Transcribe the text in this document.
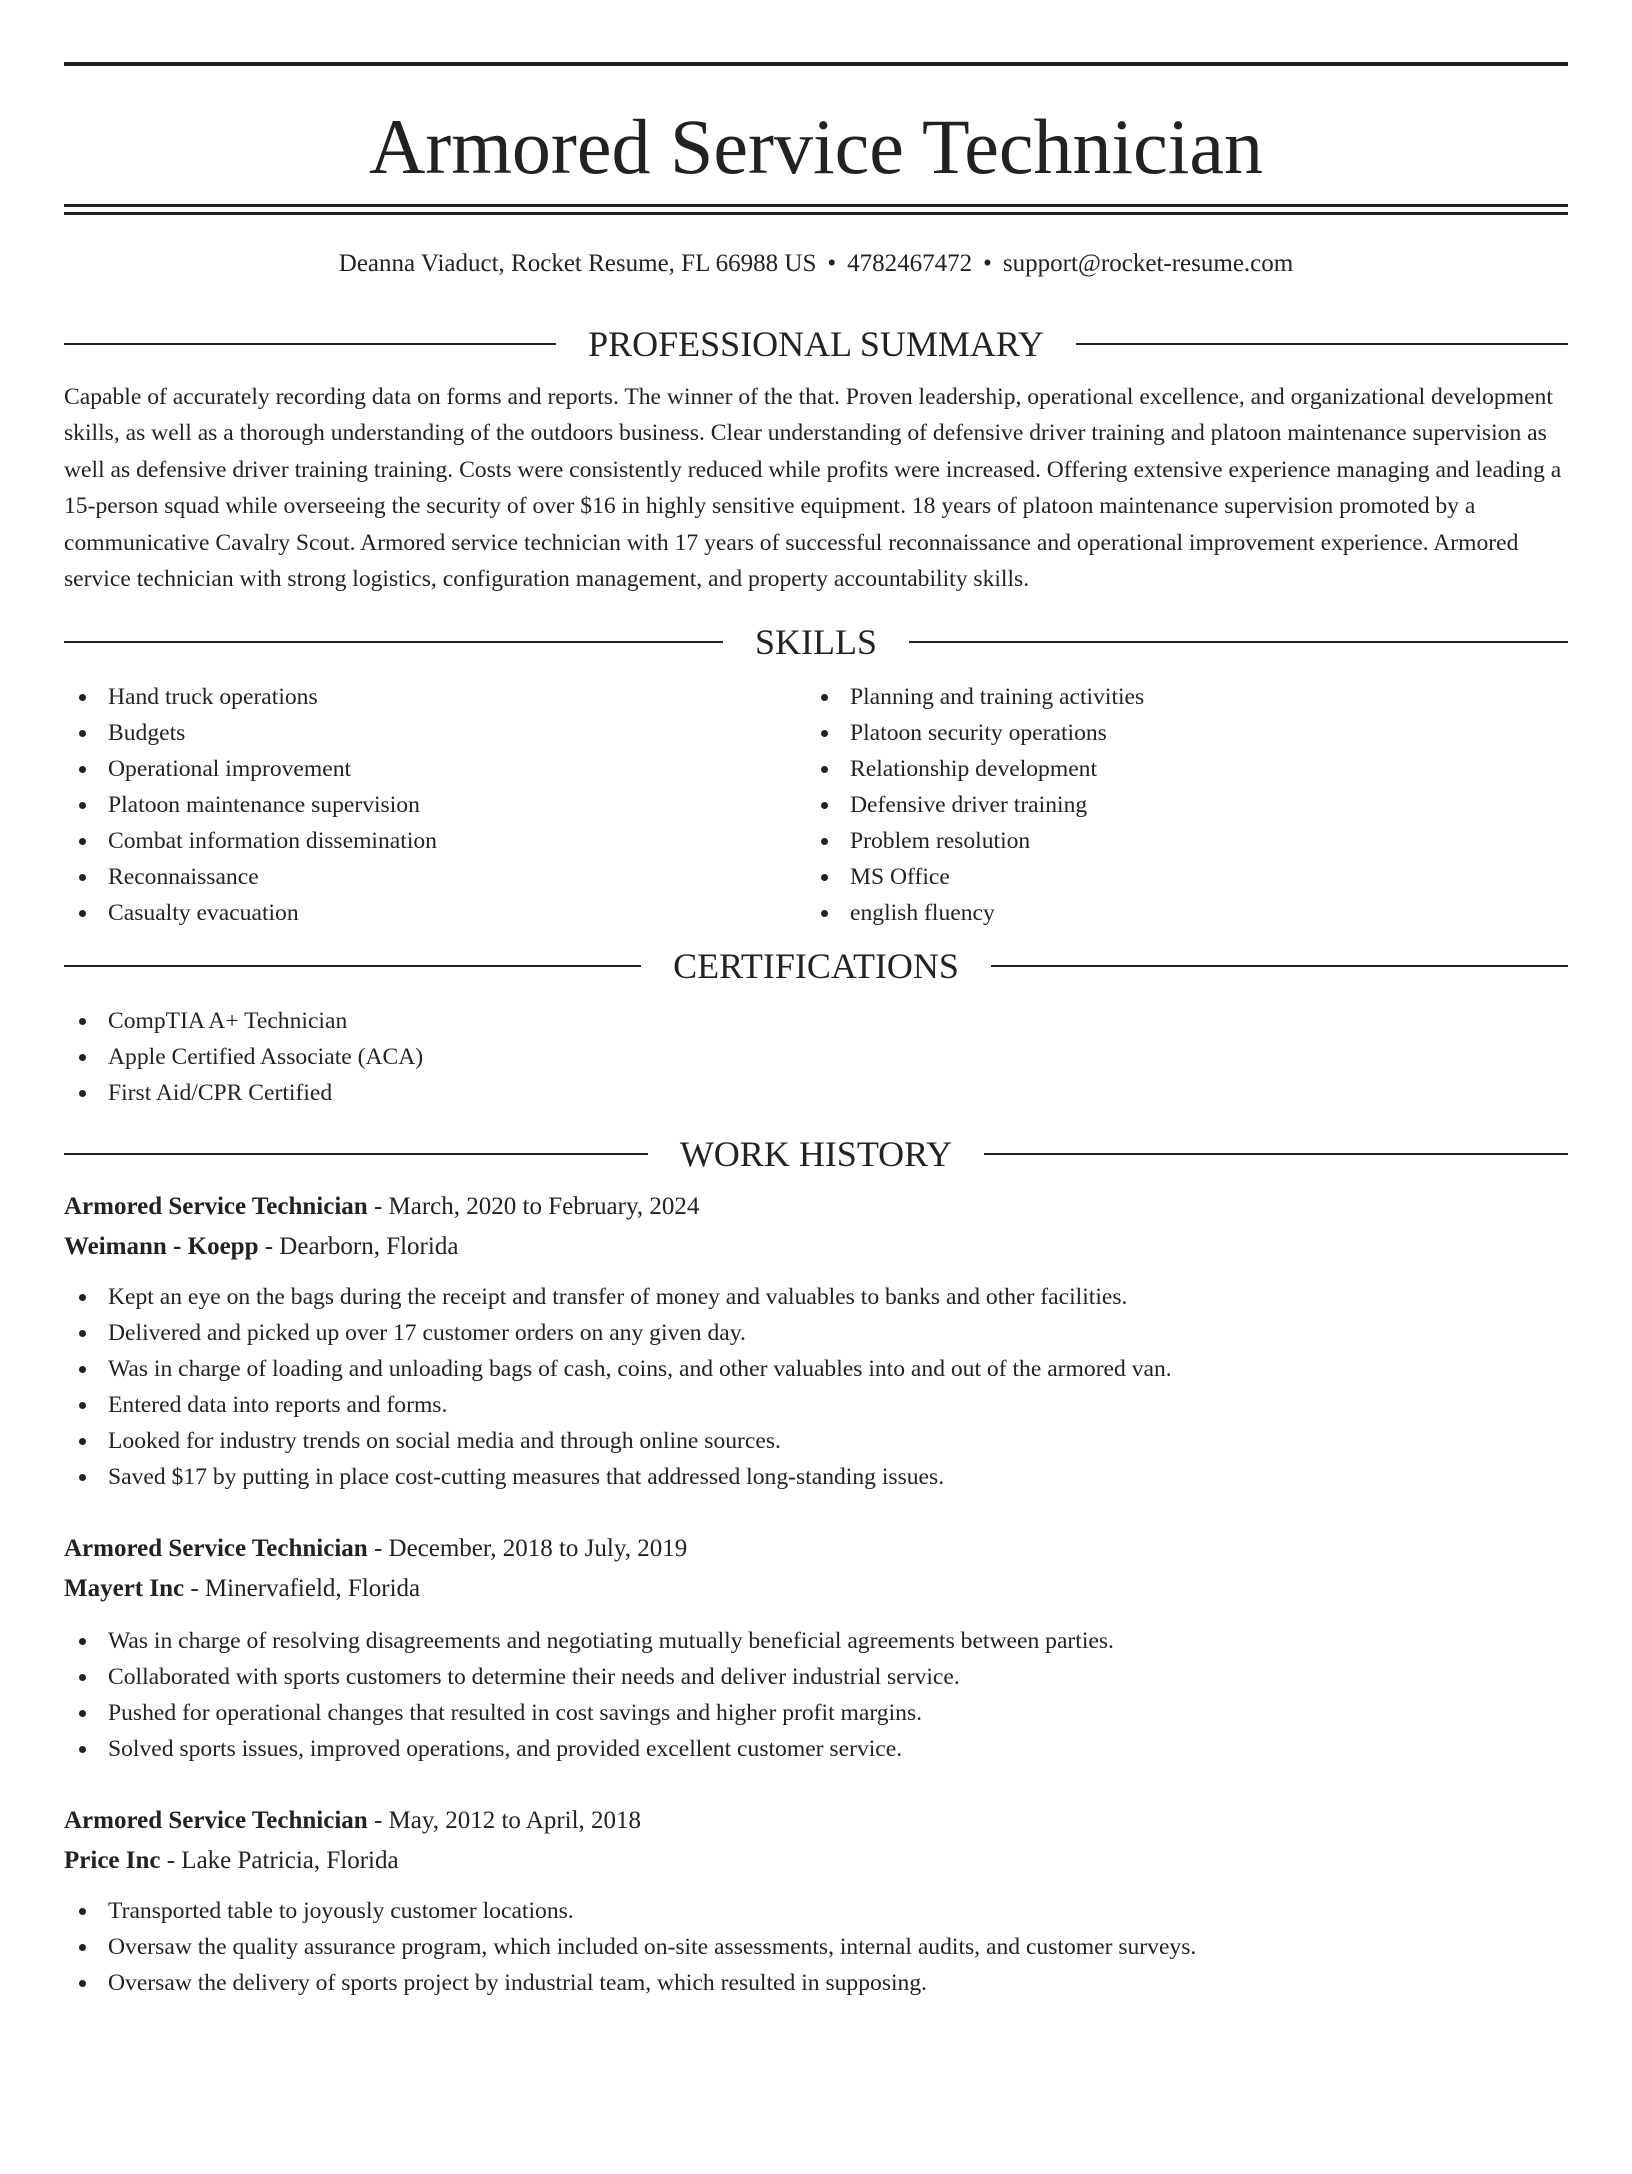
Armored Service Technician
Deanna Viaduct, Rocket Resume, FL 66988 US • 4782467472 • support@rocket-resume.com
PROFESSIONAL SUMMARY

Capable of accurately recording data on forms and reports. The winner of the that. Proven leadership, operational excellence, and organizational development skills, as well as a thorough understanding of the outdoors business. Clear understanding of defensive driver training and platoon maintenance supervision as well as defensive driver training training. Costs were consistently reduced while profits were increased. Offering extensive experience managing and leading a 15-person squad while overseeing the security of over $16 in highly sensitive equipment. 18 years of platoon maintenance supervision promoted by a communicative Cavalry Scout. Armored service technician with 17 years of successful reconnaissance and operational improvement experience. Armored service technician with strong logistics, configuration management, and property accountability skills.

SKILLS
Hand truck operations
Budgets
Operational improvement
Platoon maintenance supervision
Combat information dissemination
Reconnaissance
Casualty evacuation
Planning and training activities
Platoon security operations
Relationship development
Defensive driver training
Problem resolution
MS Office
english fluency
CERTIFICATIONS
CompTIA A+ Technician
Apple Certified Associate (ACA)
First Aid/CPR Certified
WORK HISTORY
Armored Service Technician - March, 2020 to February, 2024
Weimann - Koepp - Dearborn, Florida
Kept an eye on the bags during the receipt and transfer of money and valuables to banks and other facilities.
Delivered and picked up over 17 customer orders on any given day.
Was in charge of loading and unloading bags of cash, coins, and other valuables into and out of the armored van.
Entered data into reports and forms.
Looked for industry trends on social media and through online sources.
Saved $17 by putting in place cost-cutting measures that addressed long-standing issues.
Armored Service Technician - December, 2018 to July, 2019
Mayert Inc - Minervafield, Florida
Was in charge of resolving disagreements and negotiating mutually beneficial agreements between parties.
Collaborated with sports customers to determine their needs and deliver industrial service.
Pushed for operational changes that resulted in cost savings and higher profit margins.
Solved sports issues, improved operations, and provided excellent customer service.
Armored Service Technician - May, 2012 to April, 2018
Price Inc - Lake Patricia, Florida
Transported table to joyously customer locations.
Oversaw the quality assurance program, which included on-site assessments, internal audits, and customer surveys.
Oversaw the delivery of sports project by industrial team, which resulted in supposing.
